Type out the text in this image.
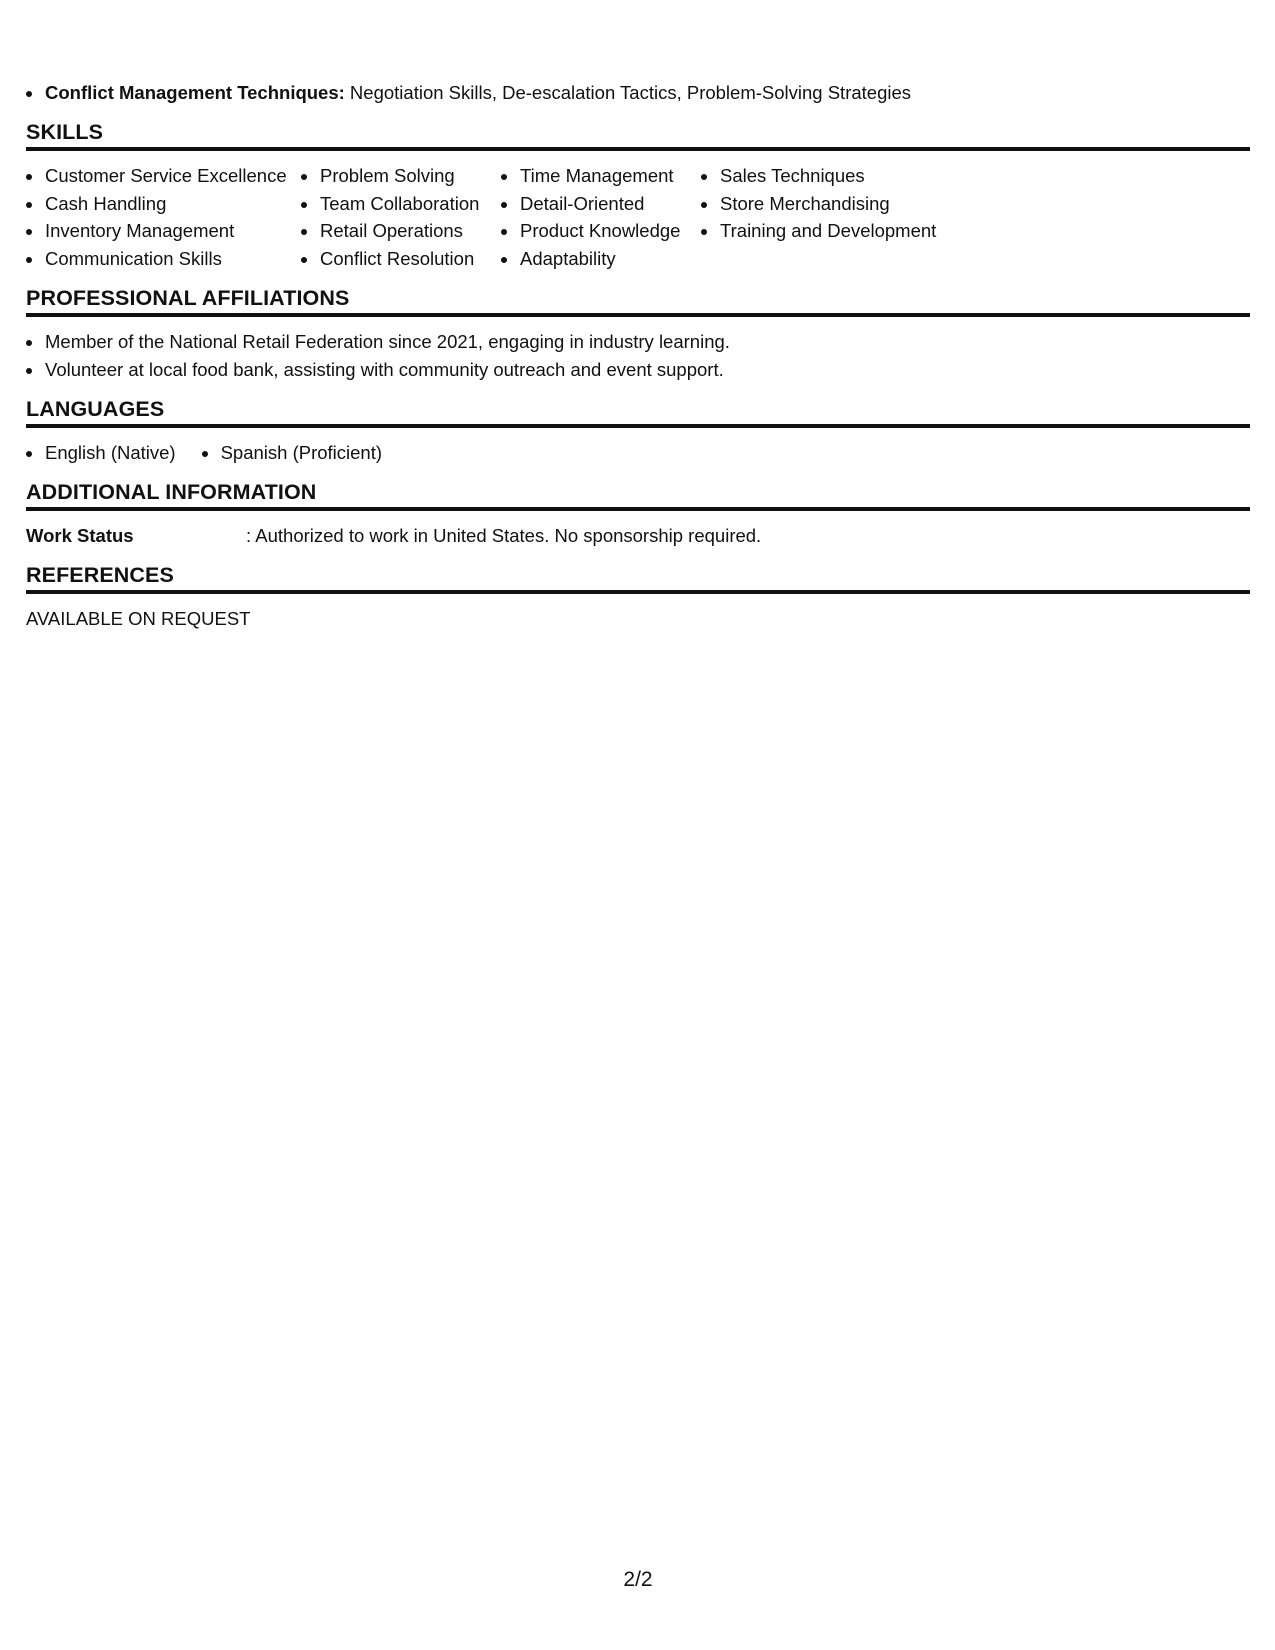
Conflict Management Techniques: Negotiation Skills, De-escalation Tactics, Problem-Solving Strategies
SKILLS
Customer Service Excellence
Cash Handling
Inventory Management
Communication Skills
Problem Solving
Team Collaboration
Retail Operations
Conflict Resolution
Time Management
Detail-Oriented
Product Knowledge
Adaptability
Sales Techniques
Store Merchandising
Training and Development
PROFESSIONAL AFFILIATIONS
Member of the National Retail Federation since 2021, engaging in industry learning.
Volunteer at local food bank, assisting with community outreach and event support.
LANGUAGES
English (Native)	Spanish (Proficient)
ADDITIONAL INFORMATION
Work Status	: Authorized to work in United States. No sponsorship required.
REFERENCES
AVAILABLE ON REQUEST
2/2
